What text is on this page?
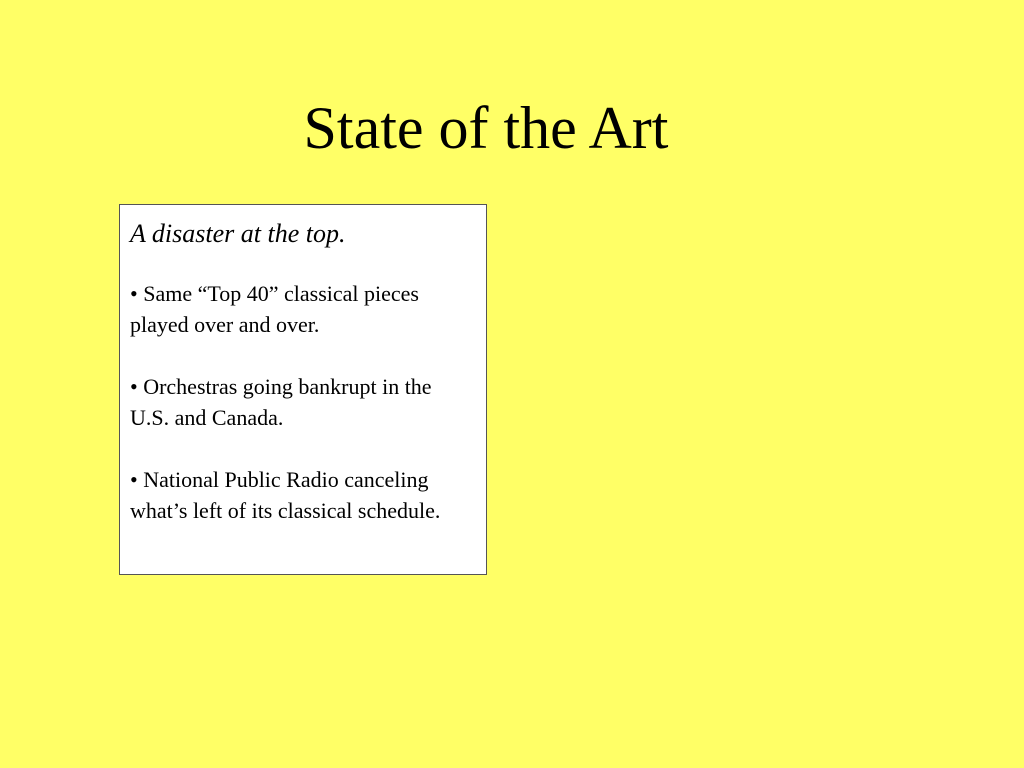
State of the Art

A disaster at the top.

• Same “Top 40” classical pieces played over and over.

• Orchestras going bankrupt in the U.S. and Canada.

• National Public Radio canceling what’s left of its classical schedule.
